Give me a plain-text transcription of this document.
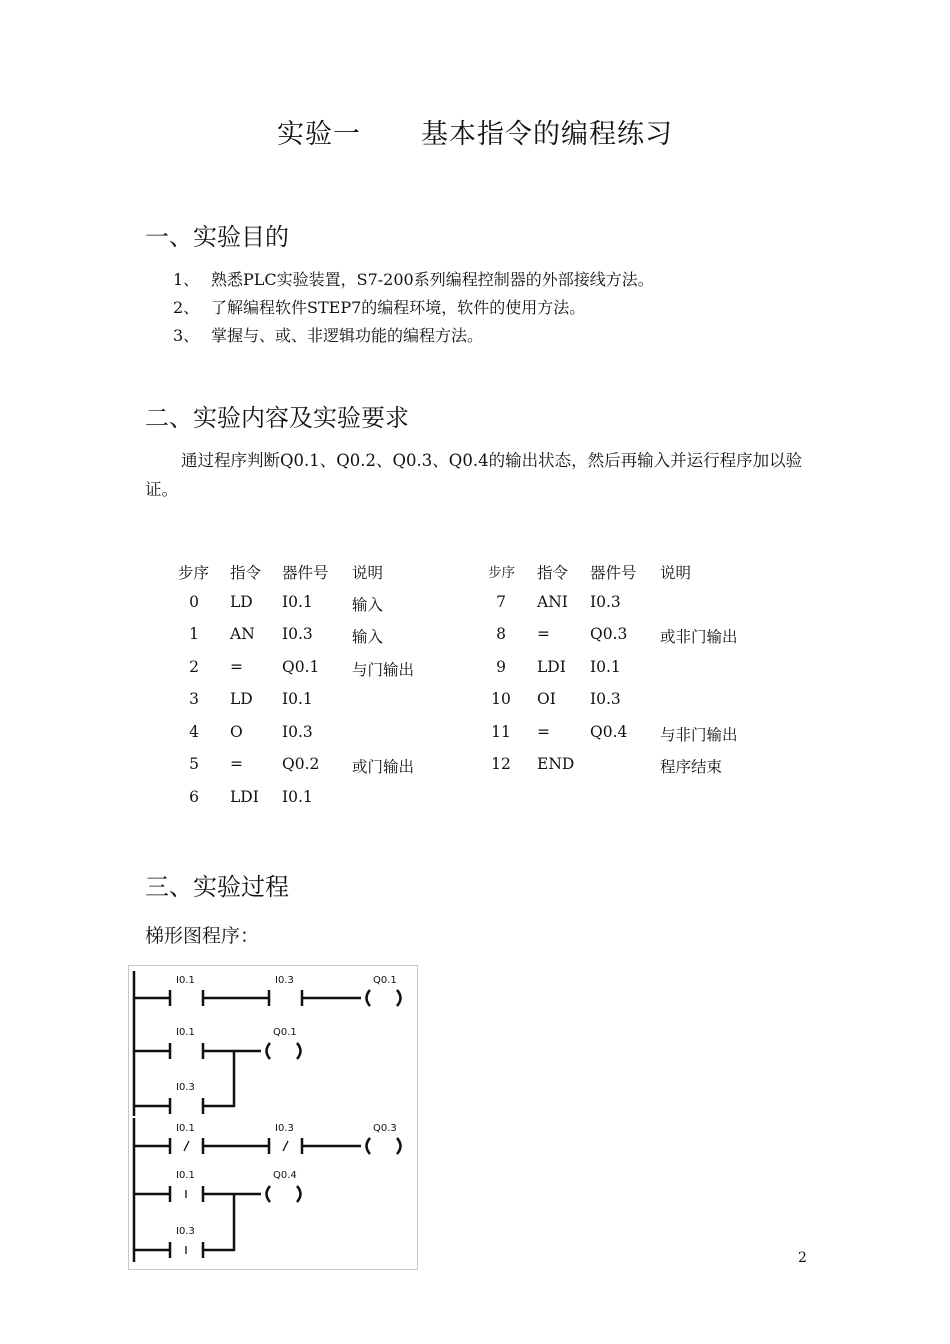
实验一 基本指令的编程练习
一、实验目的
1、 熟悉PLC实验装置，S7-200系列编程控制器的外部接线方法。
2、 了解编程软件STEP7的编程环境，软件的使用方法。
3、 掌握与、或、非逻辑功能的编程方法。
二、实验内容及实验要求
通过程序判断Q0.1、Q0.2、Q0.3、Q0.4的输出状态，然后再输入并运行程序加以验证。
步序 指令 器件号 说明	步序 指令 器件号 说明
0	LD I0.1	输入
1	AN I0.3	输入
2	=	Q0.1 与门输出
3	LD I0.1
4	O	I0.3
5	=	Q0.2 或门输出
6	LDI I0.1
7	ANI I0.3
8	=	Q0.3 或非门输出
9	LDI I0.1
10	OI I0.3
11	=	Q0.4 与非门输出
12	END	程序结束
三、实验过程
梯形图程序：
I0.1	I0.3	Q0.1
I0.1	Q0.1
I0.3
I0.1	I0.3	Q0.3
I0.1	Q0.4
I0.3
2
